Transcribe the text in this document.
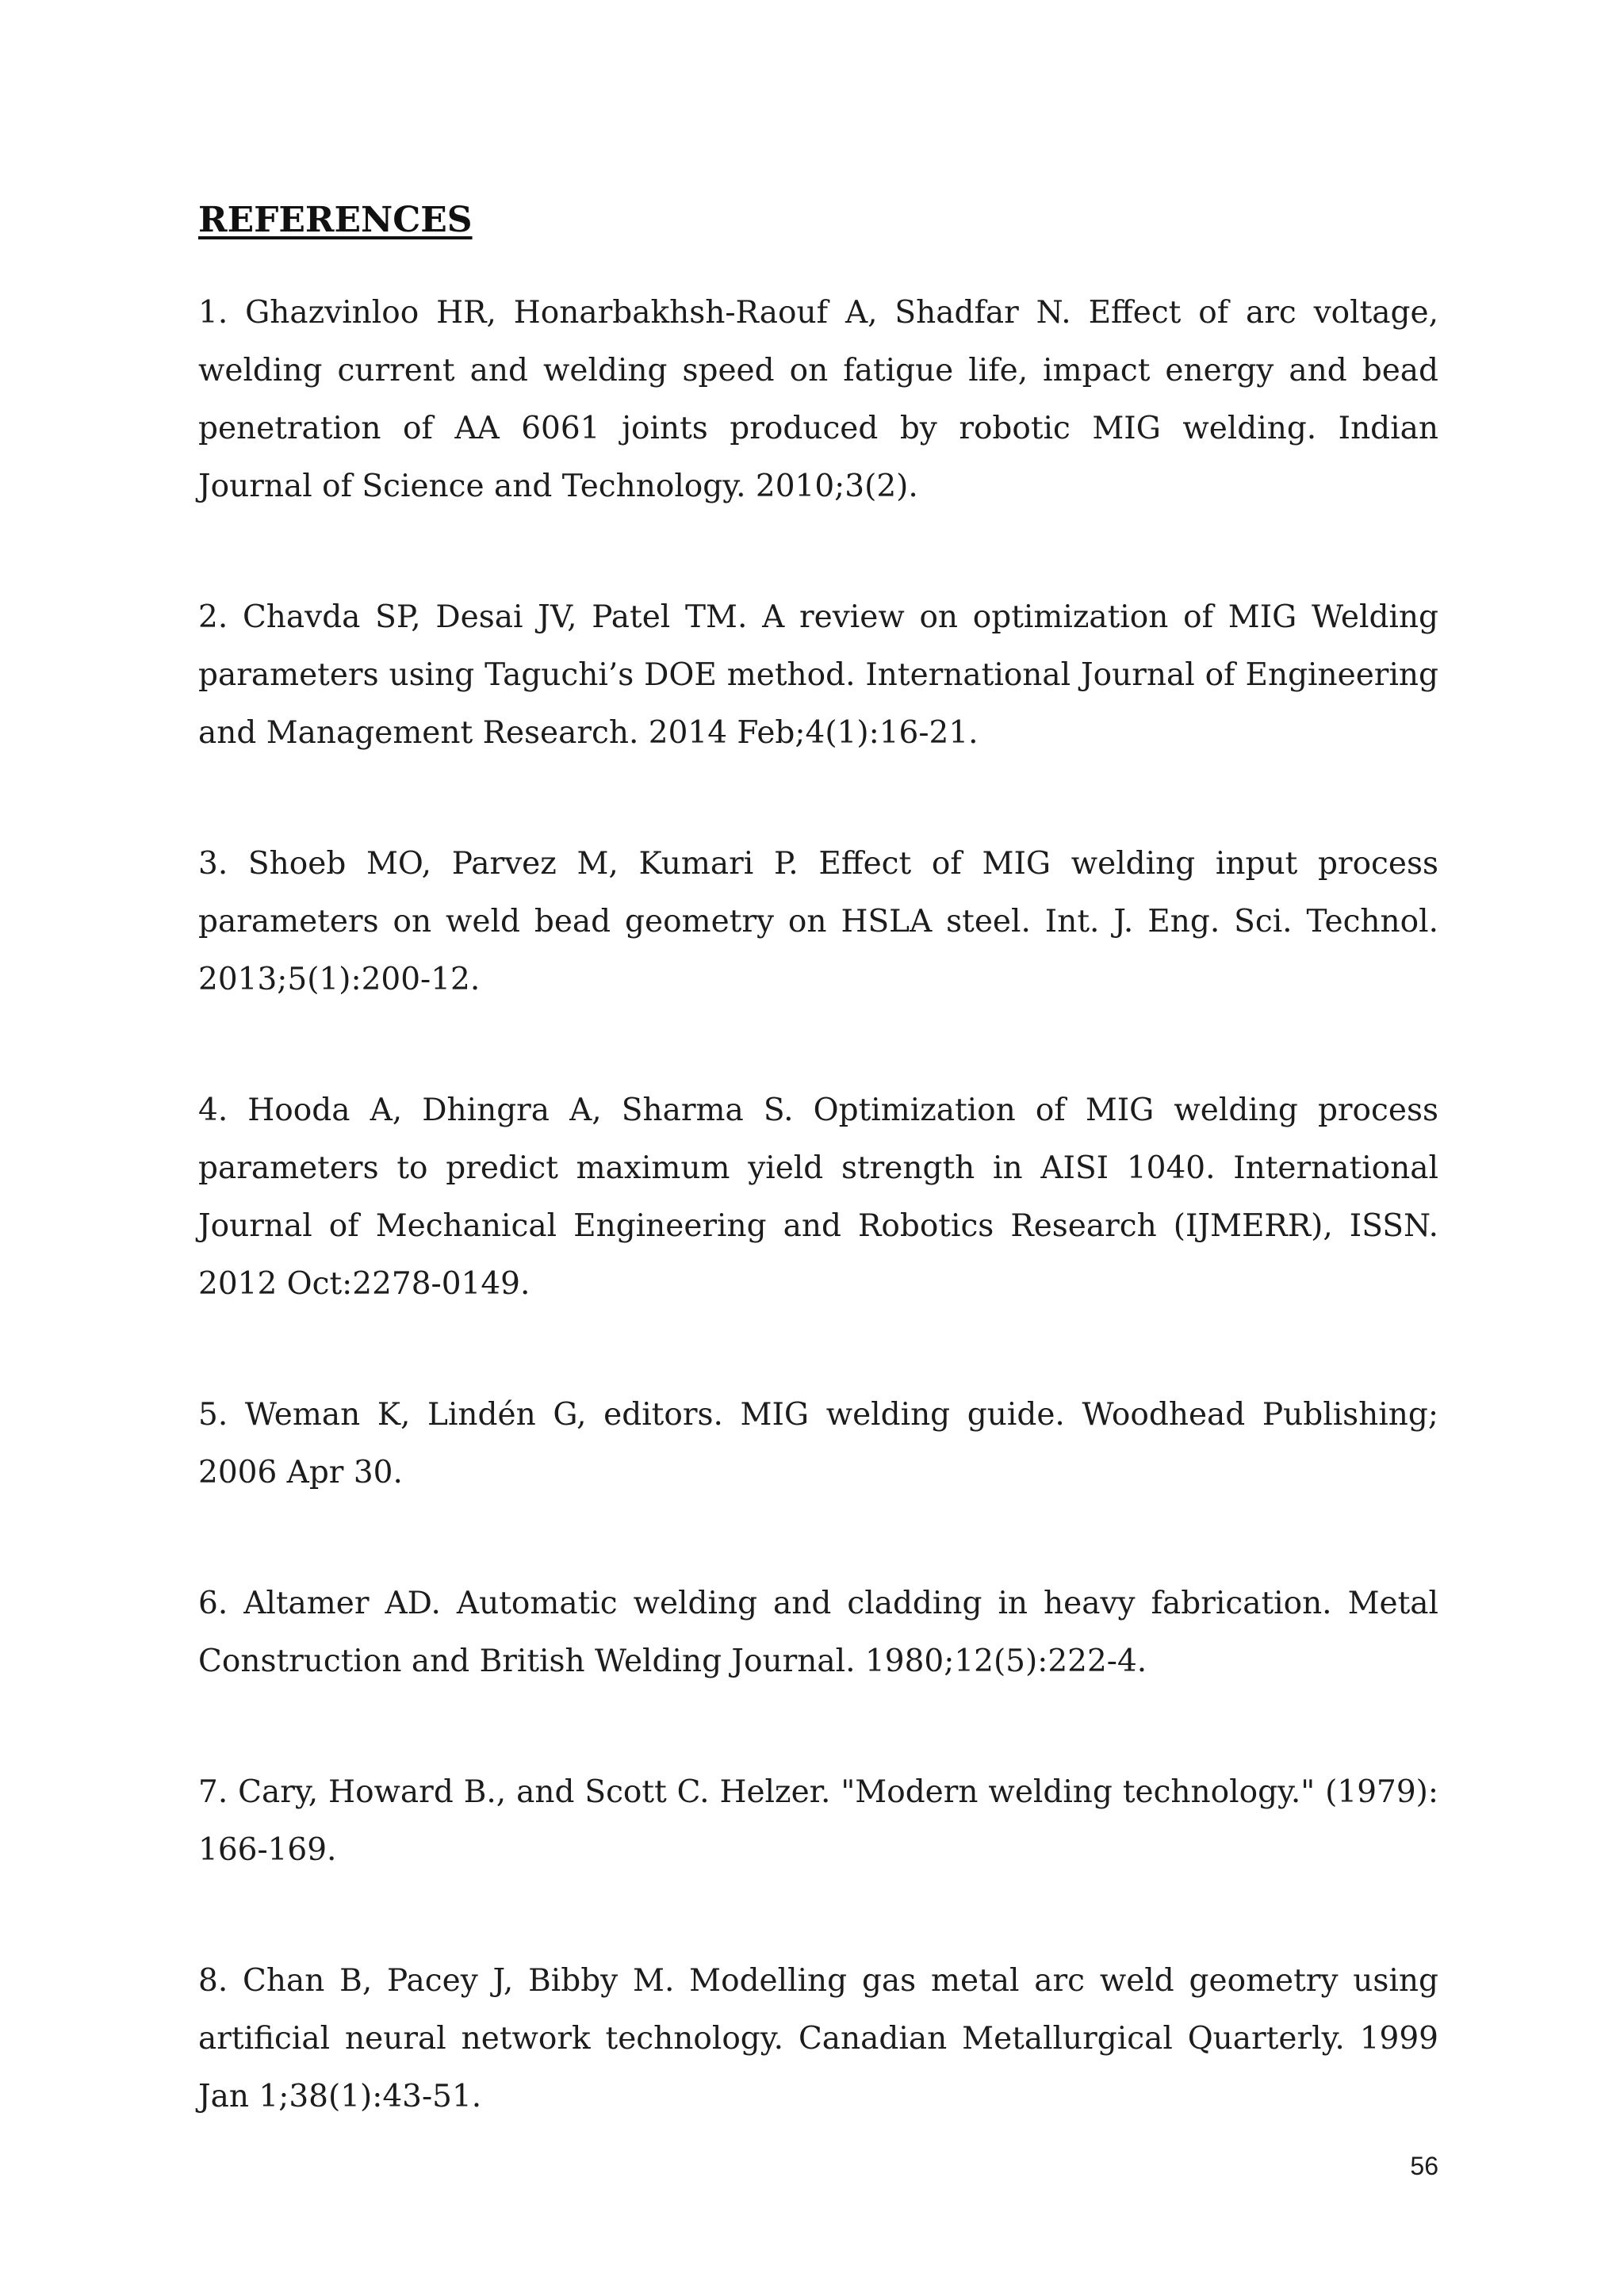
REFERENCES

1. Ghazvinloo HR, Honarbakhsh-Raouf A, Shadfar N. Effect of arc voltage, welding current and welding speed on fatigue life, impact energy and bead penetration of AA 6061 joints produced by robotic MIG welding. Indian Journal of Science and Technology. 2010;3(2).

2. Chavda SP, Desai JV, Patel TM. A review on optimization of MIG Welding parameters using Taguchi’s DOE method. International Journal of Engineering and Management Research. 2014 Feb;4(1):16-21.

3. Shoeb MO, Parvez M, Kumari P. Effect of MIG welding input process parameters on weld bead geometry on HSLA steel. Int. J. Eng. Sci. Technol. 2013;5(1):200-12.

4. Hooda A, Dhingra A, Sharma S. Optimization of MIG welding process parameters to predict maximum yield strength in AISI 1040. International Journal of Mechanical Engineering and Robotics Research (IJMERR), ISSN. 2012 Oct:2278-0149.

5. Weman K, Lindén G, editors. MIG welding guide. Woodhead Publishing; 2006 Apr 30.

6. Altamer AD. Automatic welding and cladding in heavy fabrication. Metal Construction and British Welding Journal. 1980;12(5):222-4.

7. Cary, Howard B., and Scott C. Helzer. "Modern welding technology." (1979): 166-169.

8. Chan B, Pacey J, Bibby M. Modelling gas metal arc weld geometry using artificial neural network technology. Canadian Metallurgical Quarterly. 1999 Jan 1;38(1):43-51.

56
